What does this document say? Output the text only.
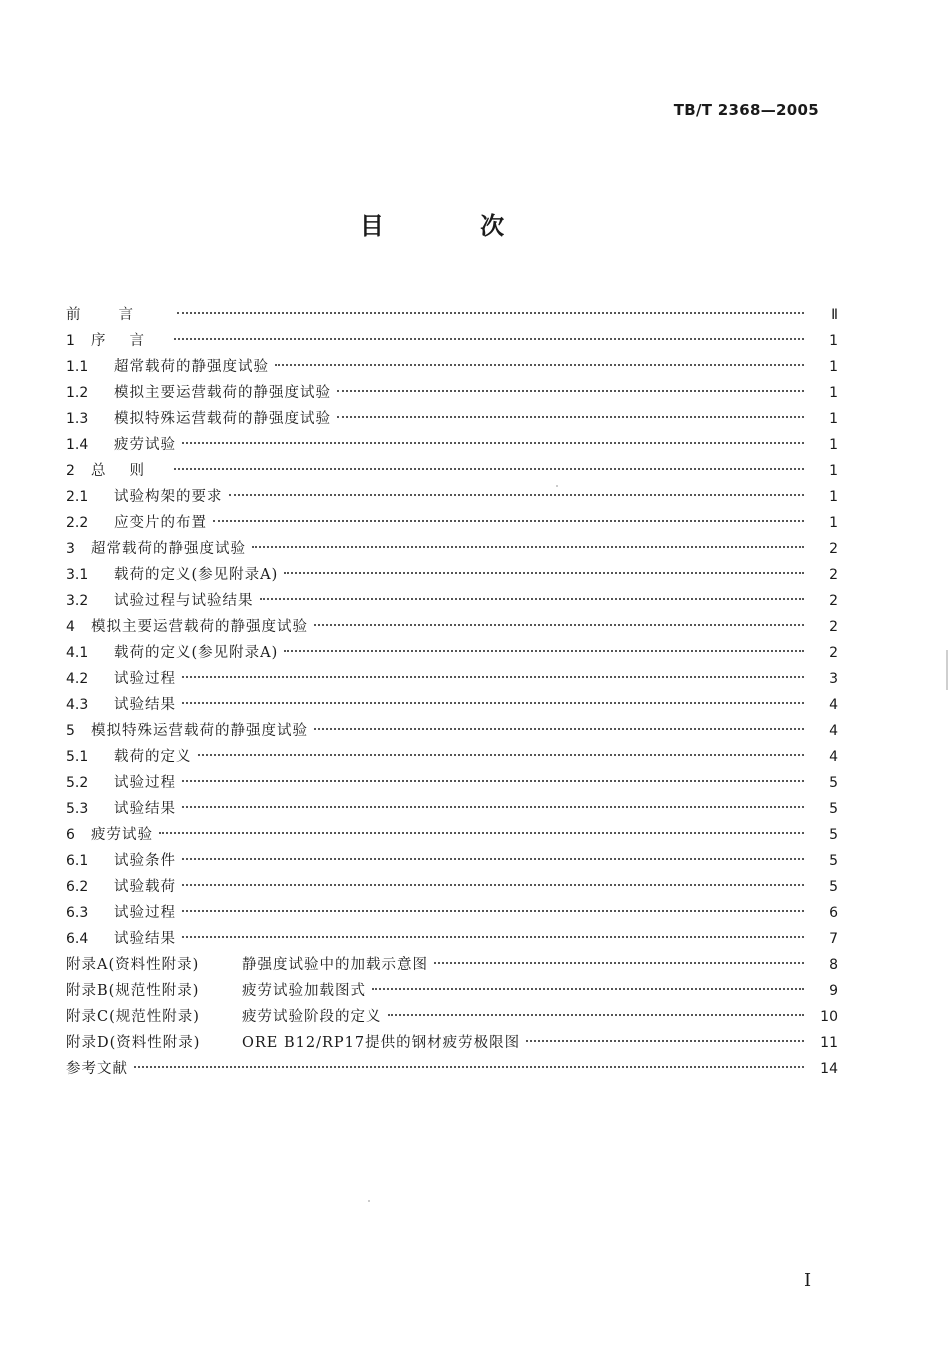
TB/T 2368—2005
目 次
前言	Ⅱ
1	序言	1
1.1	超常载荷的静强度试验	1
1.2	模拟主要运营载荷的静强度试验	1
1.3	模拟特殊运营载荷的静强度试验	1
1.4	疲劳试验	1
2	总则	1
2.1	试验构架的要求	1
2.2	应变片的布置	1
3	超常载荷的静强度试验	2
3.1	载荷的定义(参见附录A)	2
3.2	试验过程与试验结果	2
4	模拟主要运营载荷的静强度试验	2
4.1	载荷的定义(参见附录A)	2
4.2	试验过程	3
4.3	试验结果	4
5	模拟特殊运营载荷的静强度试验	4
5.1	载荷的定义	4
5.2	试验过程	5
5.3	试验结果	5
6	疲劳试验	5
6.1	试验条件	5
6.2	试验载荷	5
6.3	试验过程	6
6.4	试验结果	7
附录A(资料性附录)	静强度试验中的加载示意图	8
附录B(规范性附录)	疲劳试验加载图式	9
附录C(规范性附录)	疲劳试验阶段的定义	10
附录D(资料性附录)	ORE B12/RP17提供的钢材疲劳极限图	11
参考文献	14
I
